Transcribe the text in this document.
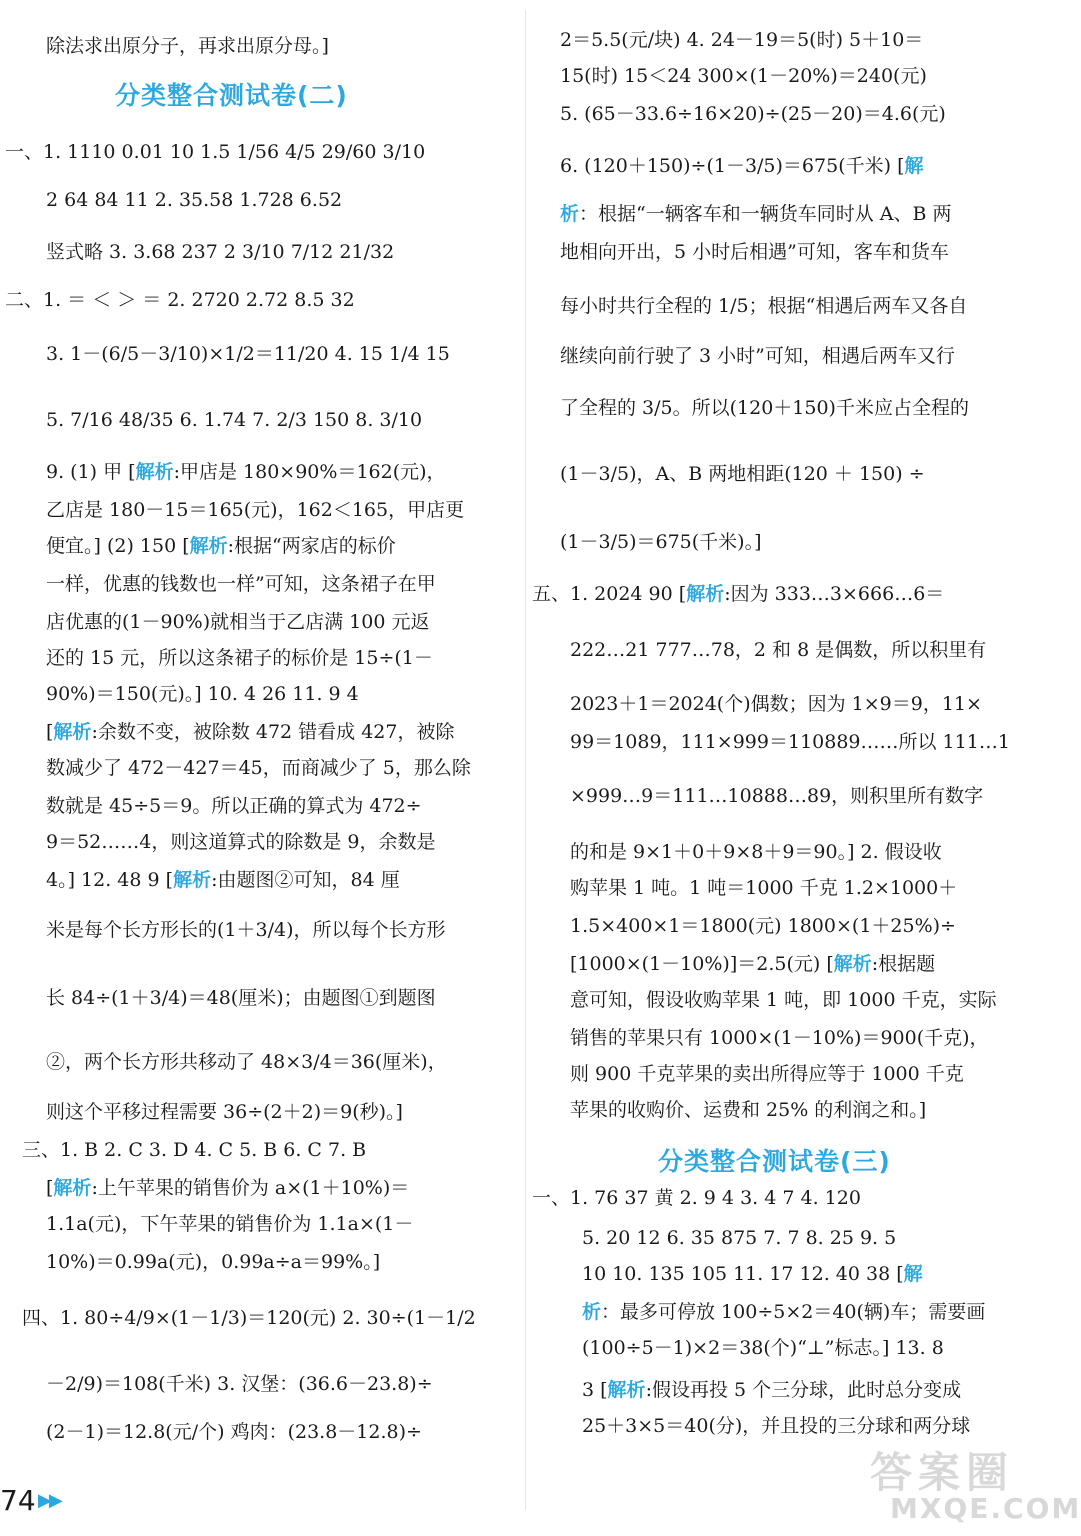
除法求出原分子，再求出原分母。]
分类整合测试卷(二)
一、1. 1110 0.01 10 1.5 1/56 4/5 29/60 3/10
2 64 84 11 2. 35.58 1.728 6.52
竖式略 3. 3.68 237 2 3/10 7/12 21/32
二、1. ＝ ＜ ＞ ＝ 2. 2720 2.72 8.5 32
3. 1－(6/5－3/10)×1/2＝11/20 4. 15 1/4 15
5. 7/16 48/35 6. 1.74 7. 2/3 150 8. 3/10
9. (1) 甲 [解析:甲店是 180×90%＝162(元)，
乙店是 180－15＝165(元)，162＜165，甲店更
便宜。] (2) 150 [解析:根据“两家店的标价
一样，优惠的钱数也一样”可知，这条裙子在甲
店优惠的(1－90%)就相当于乙店满 100 元返
还的 15 元，所以这条裙子的标价是 15÷(1－
90%)＝150(元)。] 10. 4 26 11. 9 4
[解析:余数不变，被除数 472 错看成 427，被除
数减少了 472－427＝45，而商减少了 5，那么除
数就是 45÷5＝9。所以正确的算式为 472÷
9＝52……4，则这道算式的除数是 9，余数是
4。] 12. 48 9 [解析:由题图②可知，84 厘
米是每个长方形长的(1＋3/4)，所以每个长方形
长 84÷(1＋3/4)＝48(厘米)；由题图①到题图
②，两个长方形共移动了 48×3/4＝36(厘米)，
则这个平移过程需要 36÷(2＋2)＝9(秒)。]
三、1. B 2. C 3. D 4. C 5. B 6. C 7. B
[解析:上午苹果的销售价为 a×(1＋10%)＝
1.1a(元)，下午苹果的销售价为 1.1a×(1－
10%)＝0.99a(元)，0.99a÷a＝99%。]
四、1. 80÷4/9×(1－1/3)＝120(元) 2. 30÷(1－1/2
－2/9)＝108(千米) 3. 汉堡：(36.6－23.8)÷
(2－1)＝12.8(元/个) 鸡肉：(23.8－12.8)÷
2＝5.5(元/块) 4. 24－19＝5(时) 5＋10＝
15(时) 15＜24 300×(1－20%)＝240(元)
5. (65－33.6÷16×20)÷(25－20)＝4.6(元)
6. (120＋150)÷(1－3/5)＝675(千米) [解
析：根据“一辆客车和一辆货车同时从 A、B 两
地相向开出，5 小时后相遇”可知，客车和货车
每小时共行全程的 1/5；根据“相遇后两车又各自
继续向前行驶了 3 小时”可知，相遇后两车又行
了全程的 3/5。所以(120＋150)千米应占全程的
(1－3/5)，A、B 两地相距(120 ＋ 150) ÷
(1－3/5)＝675(千米)。]
五、1. 2024 90 [解析:因为 333…3×666…6＝
222…21 777…78，2 和 8 是偶数，所以积里有
2023＋1＝2024(个)偶数；因为 1×9＝9，11×
99＝1089，111×999＝110889……所以 111…1
×999…9＝111…10888…89，则积里所有数字
的和是 9×1＋0＋9×8＋9＝90。] 2. 假设收
购苹果 1 吨。1 吨＝1000 千克 1.2×1000＋
1.5×400×1＝1800(元) 1800×(1＋25%)÷
[1000×(1－10%)]＝2.5(元) [解析:根据题
意可知，假设收购苹果 1 吨，即 1000 千克，实际
销售的苹果只有 1000×(1－10%)＝900(千克)，
则 900 千克苹果的卖出所得应等于 1000 千克
苹果的收购价、运费和 25% 的利润之和。]
分类整合测试卷(三)
一、1. 76 37 黄 2. 9 4 3. 4 7 4. 120
5. 20 12 6. 35 875 7. 7 8. 25 9. 5
10 10. 135 105 11. 17 12. 40 38 [解
析：最多可停放 100÷5×2＝40(辆)车；需要画
(100÷5－1)×2＝38(个)“⊥”标志。] 13. 8
3 [解析:假设再投 5 个三分球，此时总分变成
25＋3×5＝40(分)，并且投的三分球和两分球
74 ▶▶
答案圈
MXQE.COM
